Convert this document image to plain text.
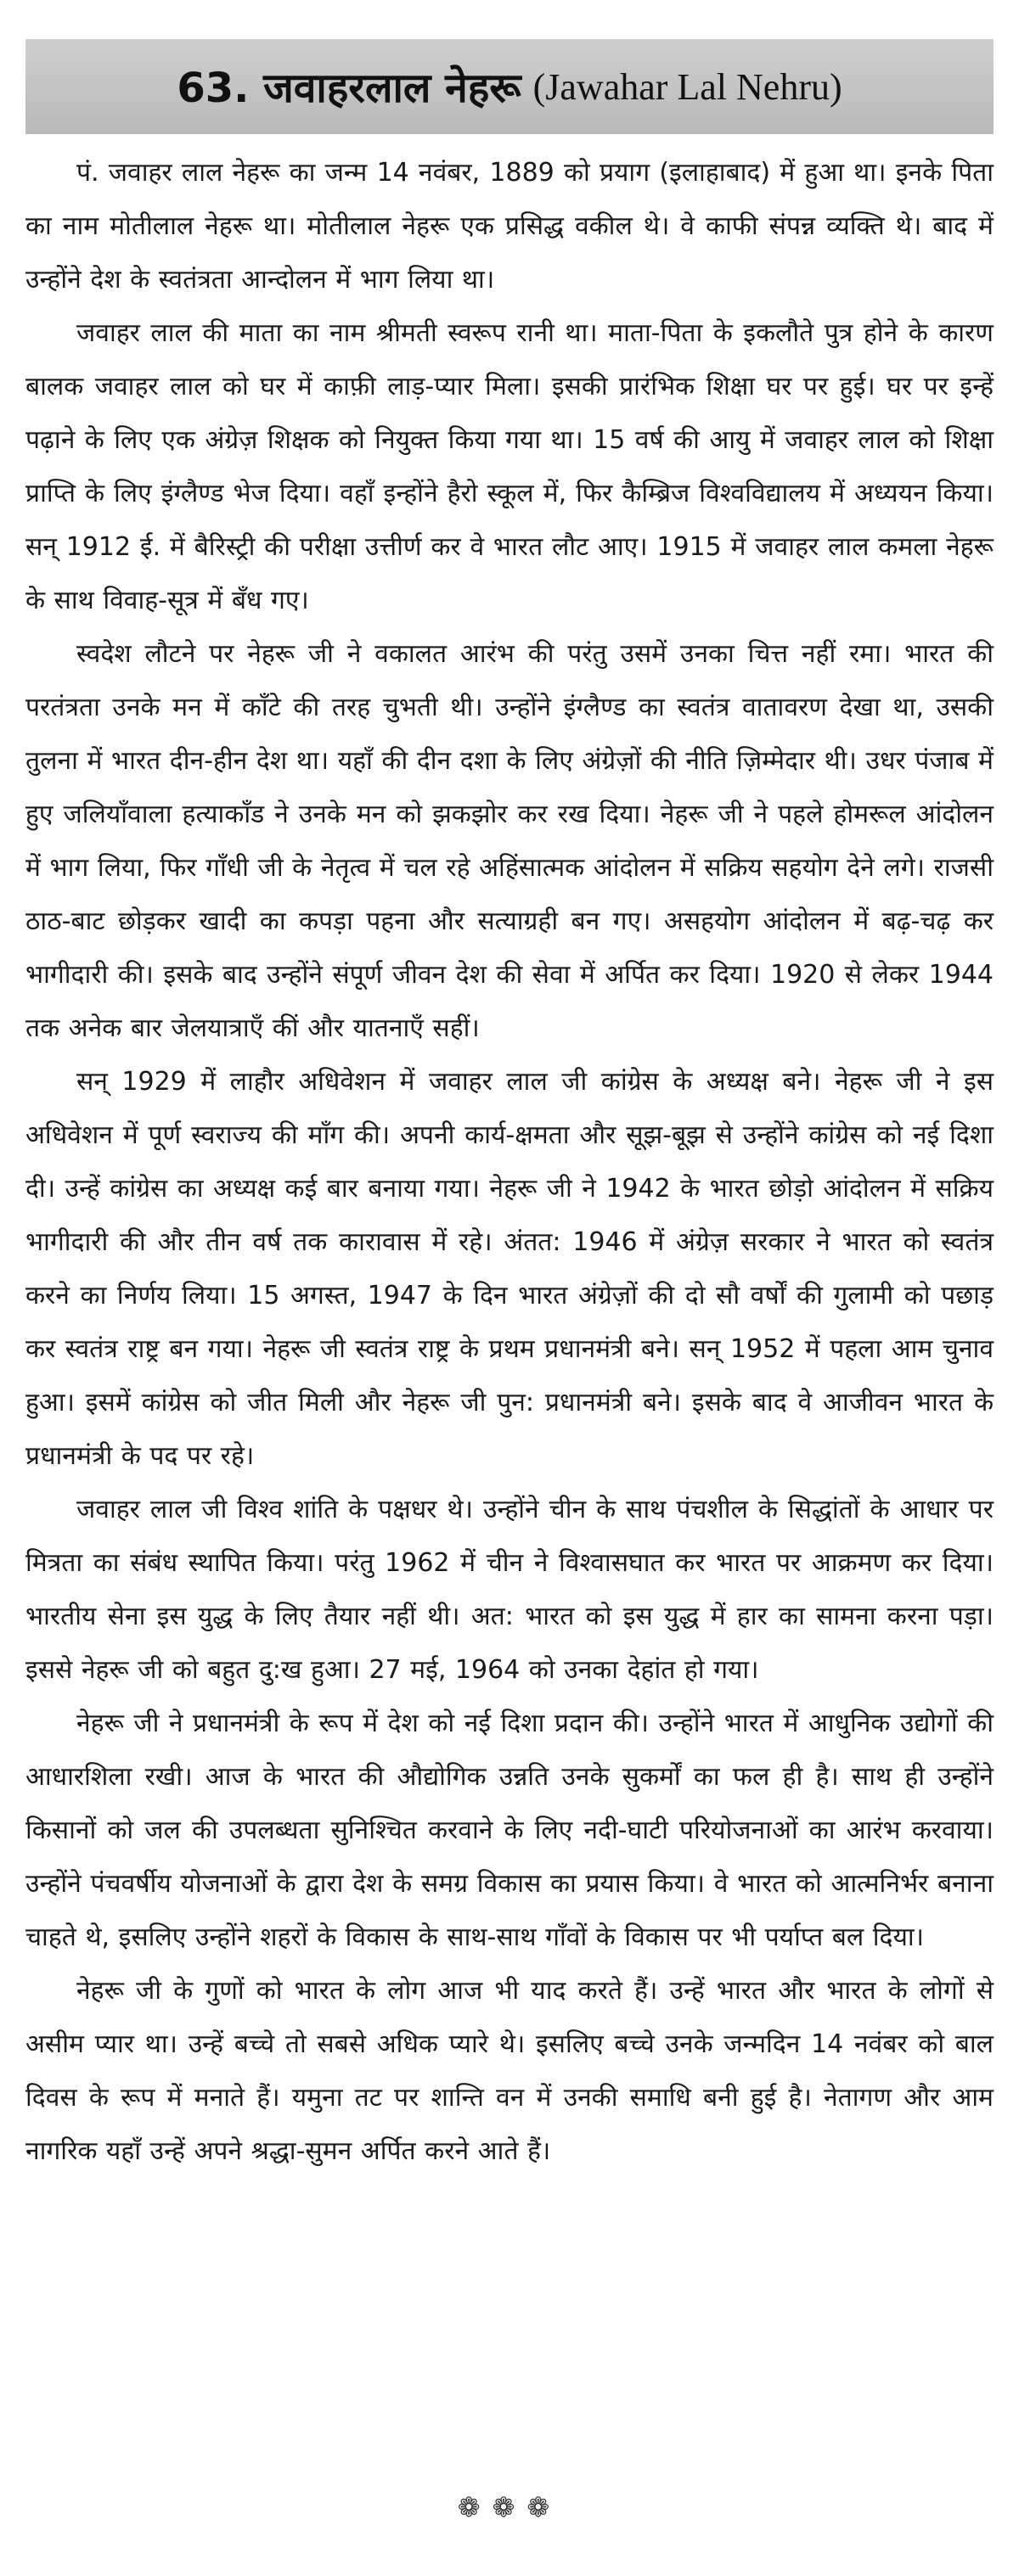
63. जवाहरलाल नेहरू (Jawahar Lal Nehru)

पं. जवाहर लाल नेहरू का जन्म 14 नवंबर, 1889 को प्रयाग (इलाहाबाद) में हुआ था। इनके पिता का नाम मोतीलाल नेहरू था। मोतीलाल नेहरू एक प्रसिद्ध वकील थे। वे काफी संपन्न व्यक्ति थे। बाद में उन्होंने देश के स्वतंत्रता आन्दोलन में भाग लिया था।

जवाहर लाल की माता का नाम श्रीमती स्वरूप रानी था। माता-पिता के इकलौते पुत्र होने के कारण बालक जवाहर लाल को घर में काफ़ी लाड़-प्यार मिला। इसकी प्रारंभिक शिक्षा घर पर हुई। घर पर इन्हें पढ़ाने के लिए एक अंग्रेज़ शिक्षक को नियुक्त किया गया था। 15 वर्ष की आयु में जवाहर लाल को शिक्षा प्राप्ति के लिए इंग्लैण्ड भेज दिया। वहाँ इन्होंने हैरो स्कूल में, फिर कैम्ब्रिज विश्वविद्यालय में अध्ययन किया। सन् 1912 ई. में बैरिस्ट्री की परीक्षा उत्तीर्ण कर वे भारत लौट आए। 1915 में जवाहर लाल कमला नेहरू के साथ विवाह-सूत्र में बँध गए।

स्वदेश लौटने पर नेहरू जी ने वकालत आरंभ की परंतु उसमें उनका चित्त नहीं रमा। भारत की परतंत्रता उनके मन में काँटे की तरह चुभती थी। उन्होंने इंग्लैण्ड का स्वतंत्र वातावरण देखा था, उसकी तुलना में भारत दीन-हीन देश था। यहाँ की दीन दशा के लिए अंग्रेज़ों की नीति ज़िम्मेदार थी। उधर पंजाब में हुए जलियाँवाला हत्याकाँड ने उनके मन को झकझोर कर रख दिया। नेहरू जी ने पहले होमरूल आंदोलन में भाग लिया, फिर गाँधी जी के नेतृत्व में चल रहे अहिंसात्मक आंदोलन में सक्रिय सहयोग देने लगे। राजसी ठाठ-बाट छोड़कर खादी का कपड़ा पहना और सत्याग्रही बन गए। असहयोग आंदोलन में बढ़-चढ़ कर भागीदारी की। इसके बाद उन्होंने संपूर्ण जीवन देश की सेवा में अर्पित कर दिया। 1920 से लेकर 1944 तक अनेक बार जेलयात्राएँ कीं और यातनाएँ सहीं।

सन् 1929 में लाहौर अधिवेशन में जवाहर लाल जी कांग्रेस के अध्यक्ष बने। नेहरू जी ने इस अधिवेशन में पूर्ण स्वराज्य की माँग की। अपनी कार्य-क्षमता और सूझ-बूझ से उन्होंने कांग्रेस को नई दिशा दी। उन्हें कांग्रेस का अध्यक्ष कई बार बनाया गया। नेहरू जी ने 1942 के भारत छोड़ो आंदोलन में सक्रिय भागीदारी की और तीन वर्ष तक कारावास में रहे। अंतत: 1946 में अंग्रेज़ सरकार ने भारत को स्वतंत्र करने का निर्णय लिया। 15 अगस्त, 1947 के दिन भारत अंग्रेज़ों की दो सौ वर्षों की गुलामी को पछाड़ कर स्वतंत्र राष्ट्र बन गया। नेहरू जी स्वतंत्र राष्ट्र के प्रथम प्रधानमंत्री बने। सन् 1952 में पहला आम चुनाव हुआ। इसमें कांग्रेस को जीत मिली और नेहरू जी पुन: प्रधानमंत्री बने। इसके बाद वे आजीवन भारत के प्रधानमंत्री के पद पर रहे।

जवाहर लाल जी विश्व शांति के पक्षधर थे। उन्होंने चीन के साथ पंचशील के सिद्धांतों के आधार पर मित्रता का संबंध स्थापित किया। परंतु 1962 में चीन ने विश्वासघात कर भारत पर आक्रमण कर दिया। भारतीय सेना इस युद्ध के लिए तैयार नहीं थी। अत: भारत को इस युद्ध में हार का सामना करना पड़ा। इससे नेहरू जी को बहुत दु:ख हुआ। 27 मई, 1964 को उनका देहांत हो गया।

नेहरू जी ने प्रधानमंत्री के रूप में देश को नई दिशा प्रदान की। उन्होंने भारत में आधुनिक उद्योगों की आधारशिला रखी। आज के भारत की औद्योगिक उन्नति उनके सुकर्मों का फल ही है। साथ ही उन्होंने किसानों को जल की उपलब्धता सुनिश्चित करवाने के लिए नदी-घाटी परियोजनाओं का आरंभ करवाया। उन्होंने पंचवर्षीय योजनाओं के द्वारा देश के समग्र विकास का प्रयास किया। वे भारत को आत्मनिर्भर बनाना चाहते थे, इसलिए उन्होंने शहरों के विकास के साथ-साथ गाँवों के विकास पर भी पर्याप्त बल दिया।

नेहरू जी के गुणों को भारत के लोग आज भी याद करते हैं। उन्हें भारत और भारत के लोगों से असीम प्यार था। उन्हें बच्चे तो सबसे अधिक प्यारे थे। इसलिए बच्चे उनके जन्मदिन 14 नवंबर को बाल दिवस के रूप में मनाते हैं। यमुना तट पर शान्ति वन में उनकी समाधि बनी हुई है। नेतागण और आम नागरिक यहाँ उन्हें अपने श्रद्धा-सुमन अर्पित करने आते हैं।

❁❁❁
